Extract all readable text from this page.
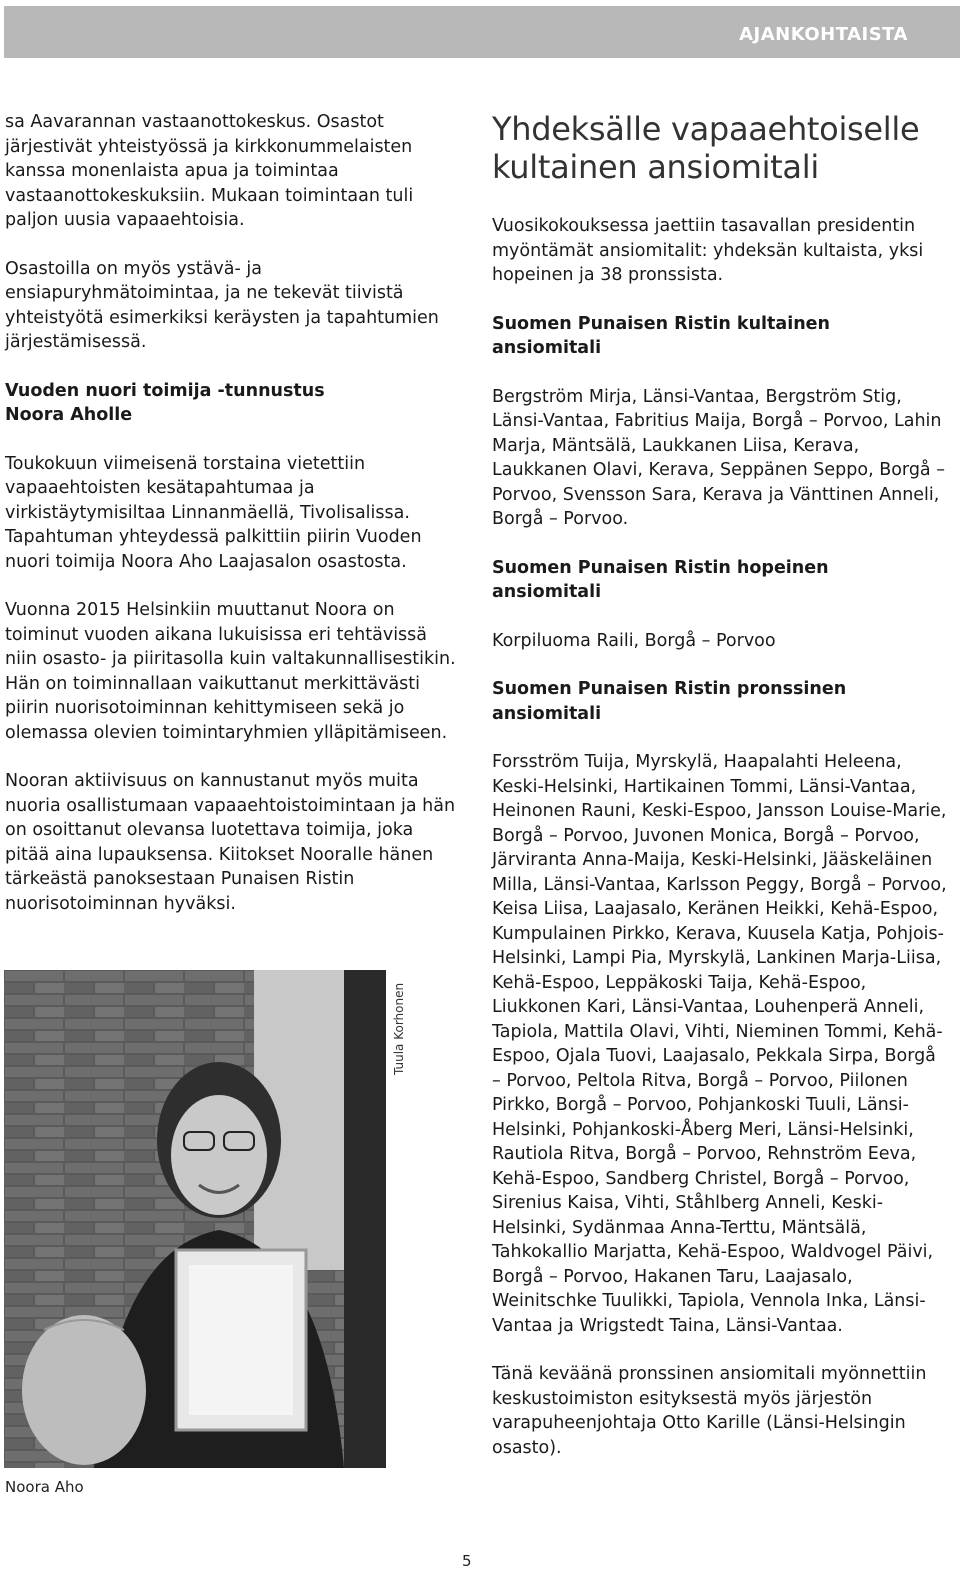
AJANKOHTAISTA

sa Aavarannan vastaanottokeskus. Osastot järjestivät yhteistyössä ja kirkkonummelaisten kanssa monenlaista apua ja toimintaa vastaanottokeskuksiin. Mukaan toimintaan tuli paljon uusia vapaaehtoisia.

Osastoilla on myös ystävä- ja ensiapuryhmätoimintaa, ja ne tekevät tiivistä yhteistyötä esimerkiksi keräysten ja tapahtumien järjestämisessä.

Vuoden nuori toimija -tunnustus
Noora Aholle

Toukokuun viimeisenä torstaina vietettiin vapaaehtoisten kesätapahtumaa ja virkistäytymisiltaa Linnanmäellä, Tivolisalissa. Tapahtuman yhteydessä palkittiin piirin Vuoden nuori toimija Noora Aho Laajasalon osastosta.

Vuonna 2015 Helsinkiin muuttanut Noora on toiminut vuoden aikana lukuisissa eri tehtävissä niin osasto- ja piiritasolla kuin valtakunnallisestikin. Hän on toiminnallaan vaikuttanut merkittävästi piirin nuorisotoiminnan kehittymiseen sekä jo olemassa olevien toimintaryhmien ylläpitämiseen.

Nooran aktiivisuus on kannustanut myös muita nuoria osallistumaan vapaaehtoistoimintaan ja hän on osoittanut olevansa luotettava toimija, joka pitää aina lupauksensa. Kiitokset Nooralle hänen tärkeästä panoksestaan Punaisen Ristin nuorisotoiminnan hyväksi.

Tuula Korhonen
Noora Aho
Yhdeksälle vapaaehtoiselle kultainen ansiomitali

Vuosikokouksessa jaettiin tasavallan presidentin myöntämät ansiomitalit: yhdeksän kultaista, yksi hopeinen ja 38 pronssista.

Suomen Punaisen Ristin kultainen
ansiomitali

Bergström Mirja, Länsi-Vantaa, Bergström Stig, Länsi-Vantaa, Fabritius Maija, Borgå – Porvoo, Lahin Marja, Mäntsälä, Laukkanen Liisa, Kerava, Laukkanen Olavi, Kerava, Seppänen Seppo, Borgå – Porvoo, Svensson Sara, Kerava ja Vänttinen Anneli, Borgå – Porvoo.

Suomen Punaisen Ristin hopeinen
ansiomitali

Korpiluoma Raili, Borgå – Porvoo

Suomen Punaisen Ristin pronssinen
ansiomitali

Forsström Tuija, Myrskylä, Haapalahti Heleena, Keski-Helsinki, Hartikainen Tommi, Länsi-Vantaa, Heinonen Rauni, Keski-Espoo, Jansson Louise-Marie, Borgå – Porvoo, Juvonen Monica, Borgå – Porvoo, Järviranta Anna-Maija, Keski-Helsinki, Jääskeläinen Milla, Länsi-Vantaa, Karlsson Peggy, Borgå – Porvoo, Keisa Liisa, Laajasalo, Keränen Heikki, Kehä-Espoo, Kumpulainen Pirkko, Kerava, Kuusela Katja, Pohjois-Helsinki, Lampi Pia, Myrskylä, Lankinen Marja-Liisa, Kehä-Espoo, Leppäkoski Taija, Kehä-Espoo, Liukkonen Kari, Länsi-Vantaa, Louhenperä Anneli, Tapiola, Mattila Olavi, Vihti, Nieminen Tommi, Kehä-Espoo, Ojala Tuovi, Laajasalo, Pekkala Sirpa, Borgå – Porvoo, Peltola Ritva, Borgå – Porvoo, Piilonen Pirkko, Borgå – Porvoo, Pohjankoski Tuuli, Länsi-Helsinki, Pohjankoski-Åberg Meri, Länsi-Helsinki, Rautiola Ritva, Borgå – Porvoo, Rehnström Eeva, Kehä-Espoo, Sandberg Christel, Borgå – Porvoo, Sirenius Kaisa, Vihti, Ståhlberg Anneli, Keski-Helsinki, Sydänmaa Anna-Terttu, Mäntsälä, Tahkokallio Marjatta, Kehä-Espoo, Waldvogel Päivi, Borgå – Porvoo, Hakanen Taru, Laajasalo, Weinitschke Tuulikki, Tapiola, Vennola Inka, Länsi-Vantaa ja Wrigstedt Taina, Länsi-Vantaa.

Tänä keväänä pronssinen ansiomitali myönnettiin keskustoimiston esityksestä myös järjestön varapuheenjohtaja Otto Karille (Länsi-Helsingin osasto).

5
